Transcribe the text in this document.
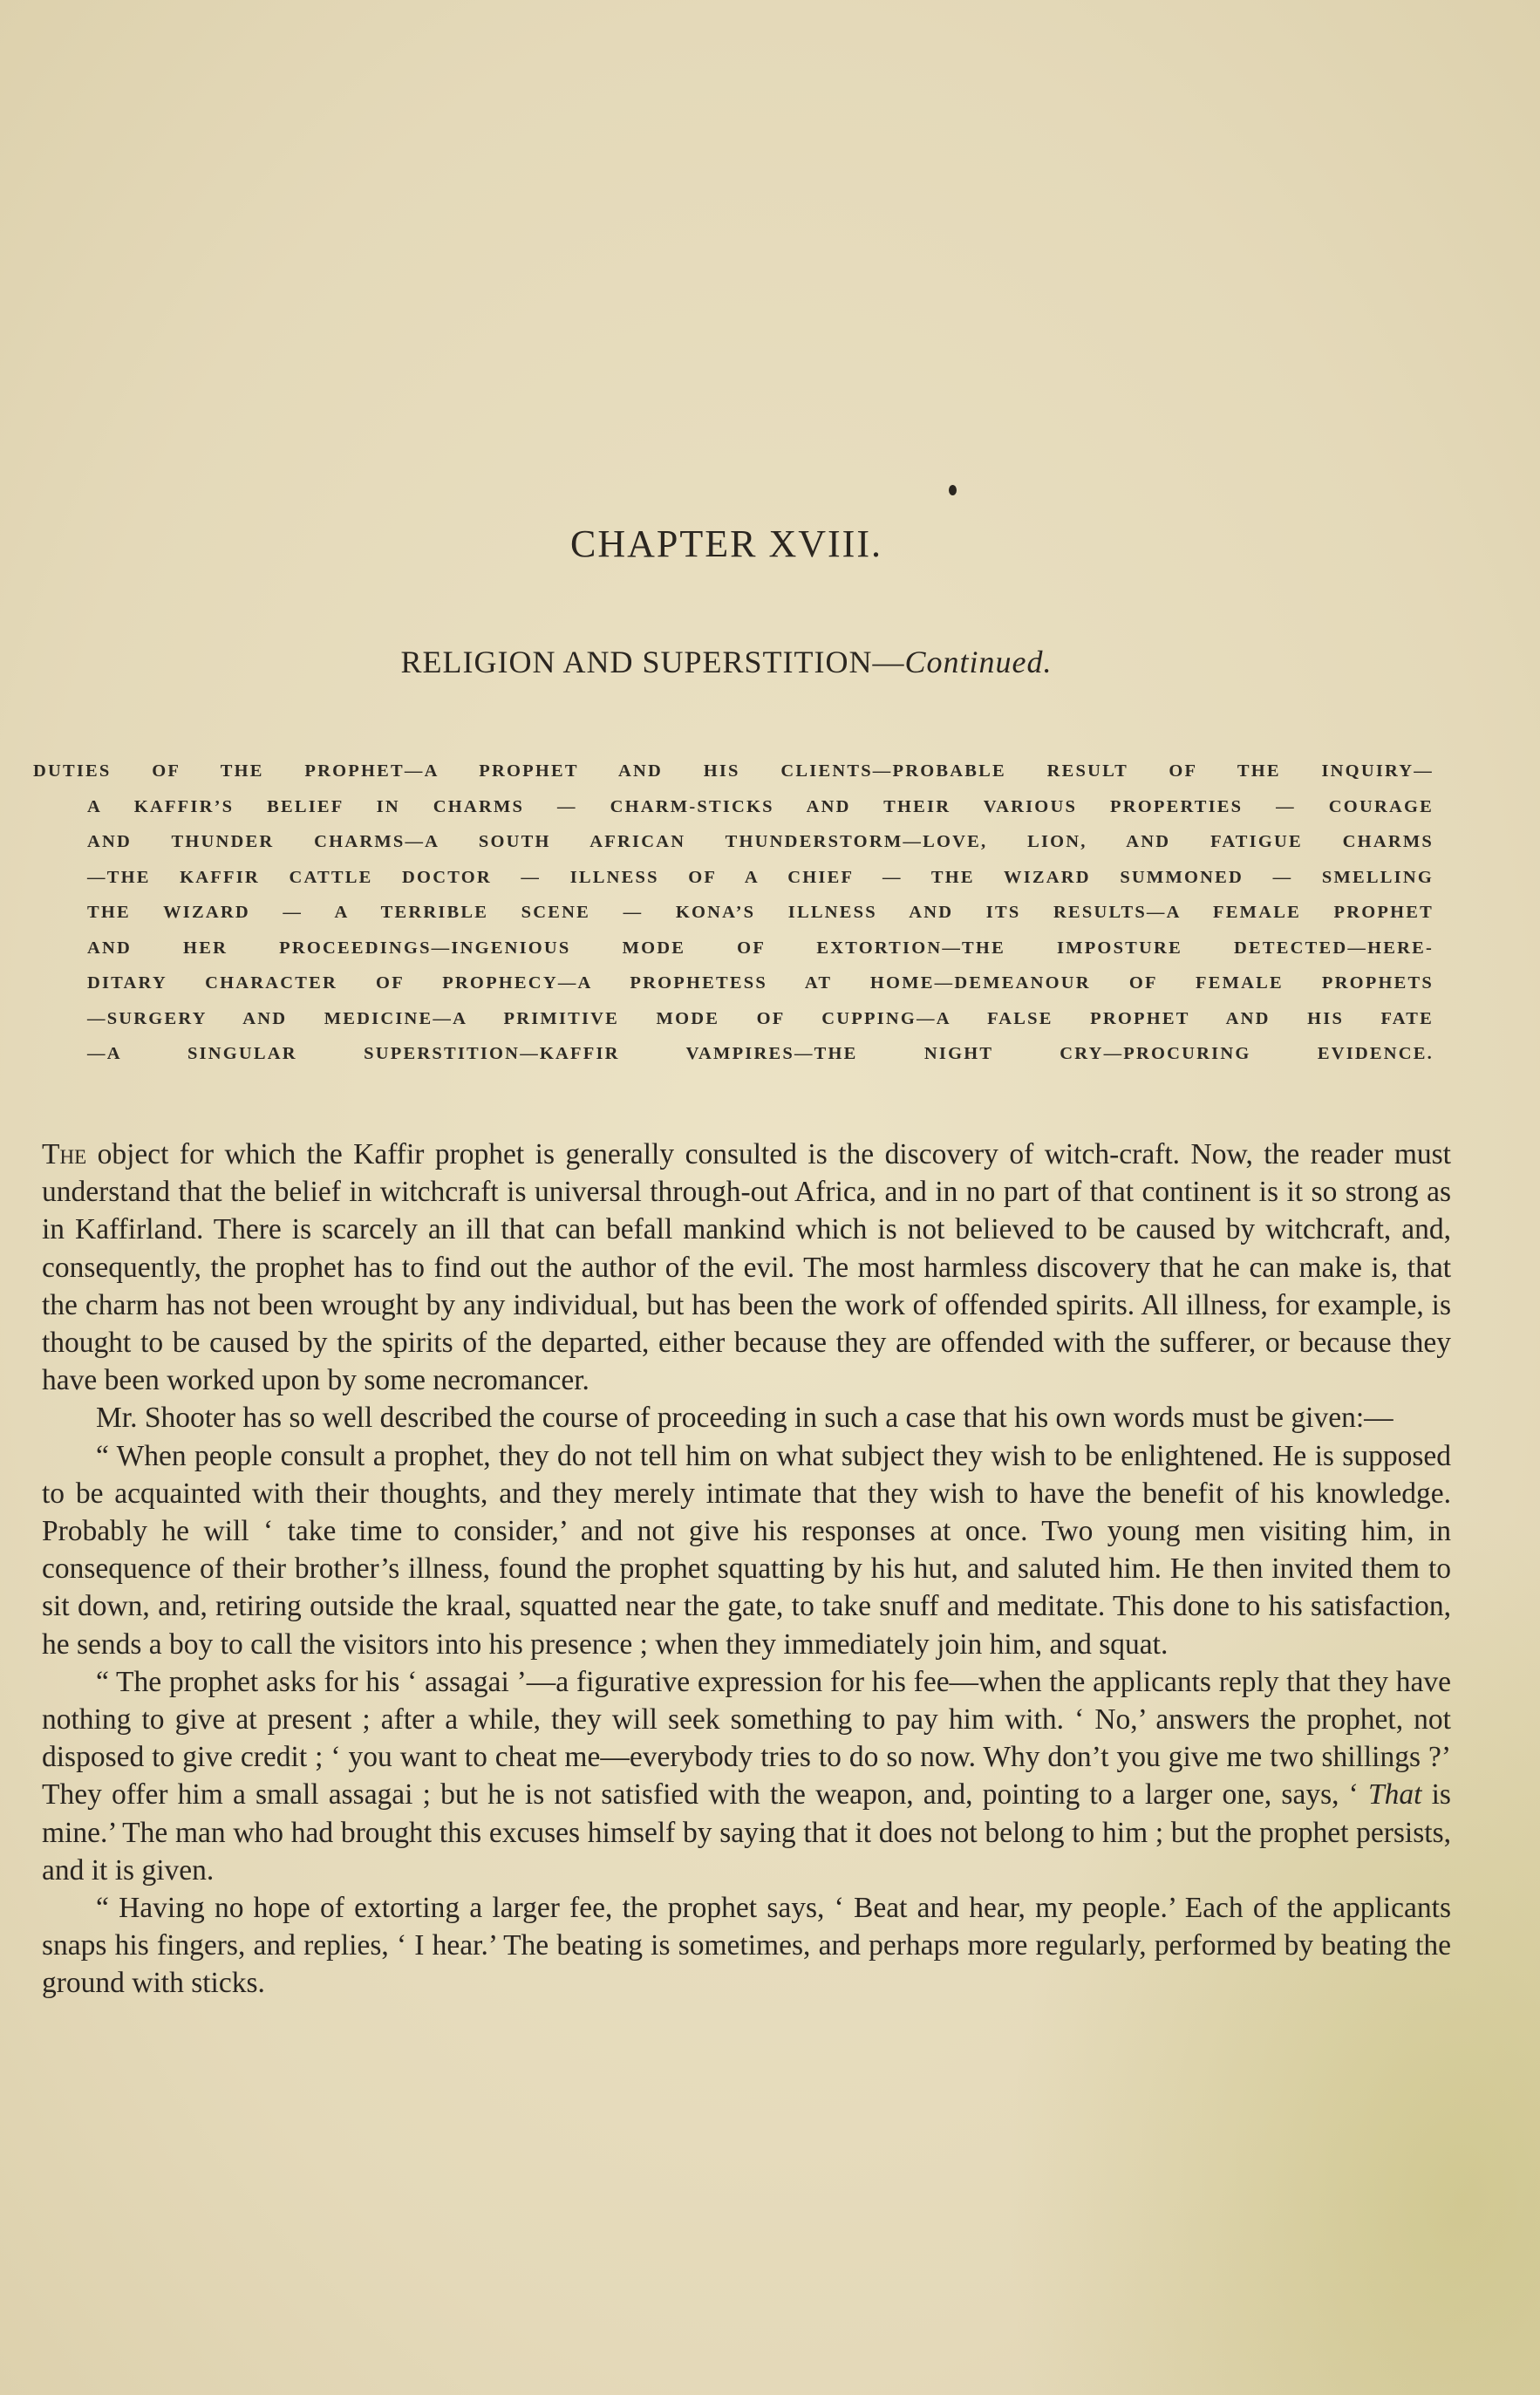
CHAPTER XVIII.
RELIGION AND SUPERSTITION—Continued.
DUTIES OF THE PROPHET—A PROPHET AND HIS CLIENTS—PROBABLE RESULT OF THE INQUIRY—
A KAFFIR’S BELIEF IN CHARMS — CHARM-STICKS AND THEIR VARIOUS PROPERTIES — COURAGE
AND THUNDER CHARMS—A SOUTH AFRICAN THUNDERSTORM—LOVE, LION, AND FATIGUE CHARMS
—THE KAFFIR CATTLE DOCTOR — ILLNESS OF A CHIEF — THE WIZARD SUMMONED — SMELLING
THE WIZARD — A TERRIBLE SCENE — KONA’S ILLNESS AND ITS RESULTS—A FEMALE PROPHET
AND HER PROCEEDINGS—INGENIOUS MODE OF EXTORTION—THE IMPOSTURE DETECTED—HERE-
DITARY CHARACTER OF PROPHECY—A PROPHETESS AT HOME—DEMEANOUR OF FEMALE PROPHETS
—SURGERY AND MEDICINE—A PRIMITIVE MODE OF CUPPING—A FALSE PROPHET AND HIS FATE
—A SINGULAR SUPERSTITION—KAFFIR VAMPIRES—THE NIGHT CRY—PROCURING EVIDENCE.

The object for which the Kaffir prophet is generally consulted is the discovery of witch-craft. Now, the reader must understand that the belief in witchcraft is universal through-out Africa, and in no part of that continent is it so strong as in Kaffirland. There is scarcely an ill that can befall mankind which is not believed to be caused by witchcraft, and, consequently, the prophet has to find out the author of the evil. The most harmless discovery that he can make is, that the charm has not been wrought by any individual, but has been the work of offended spirits. All illness, for example, is thought to be caused by the spirits of the departed, either because they are offended with the sufferer, or because they have been worked upon by some necromancer.

Mr. Shooter has so well described the course of proceeding in such a case that his own words must be given:—

“ When people consult a prophet, they do not tell him on what subject they wish to be enlightened. He is supposed to be acquainted with their thoughts, and they merely intimate that they wish to have the benefit of his knowledge. Probably he will ‘ take time to consider,’ and not give his responses at once. Two young men visiting him, in consequence of their brother’s illness, found the prophet squatting by his hut, and saluted him. He then invited them to sit down, and, retiring outside the kraal, squatted near the gate, to take snuff and meditate. This done to his satisfaction, he sends a boy to call the visitors into his presence ; when they immediately join him, and squat.

“ The prophet asks for his ‘ assagai ’—a figurative expression for his fee—when the applicants reply that they have nothing to give at present ; after a while, they will seek something to pay him with. ‘ No,’ answers the prophet, not disposed to give credit ; ‘ you want to cheat me—everybody tries to do so now. Why don’t you give me two shillings ?’ They offer him a small assagai ; but he is not satisfied with the weapon, and, pointing to a larger one, says, ‘ That is mine.’ The man who had brought this excuses himself by saying that it does not belong to him ; but the prophet persists, and it is given.

“ Having no hope of extorting a larger fee, the prophet says, ‘ Beat and hear, my people.’ Each of the applicants snaps his fingers, and replies, ‘ I hear.’ The beating is sometimes, and perhaps more regularly, performed by beating the ground with sticks.
